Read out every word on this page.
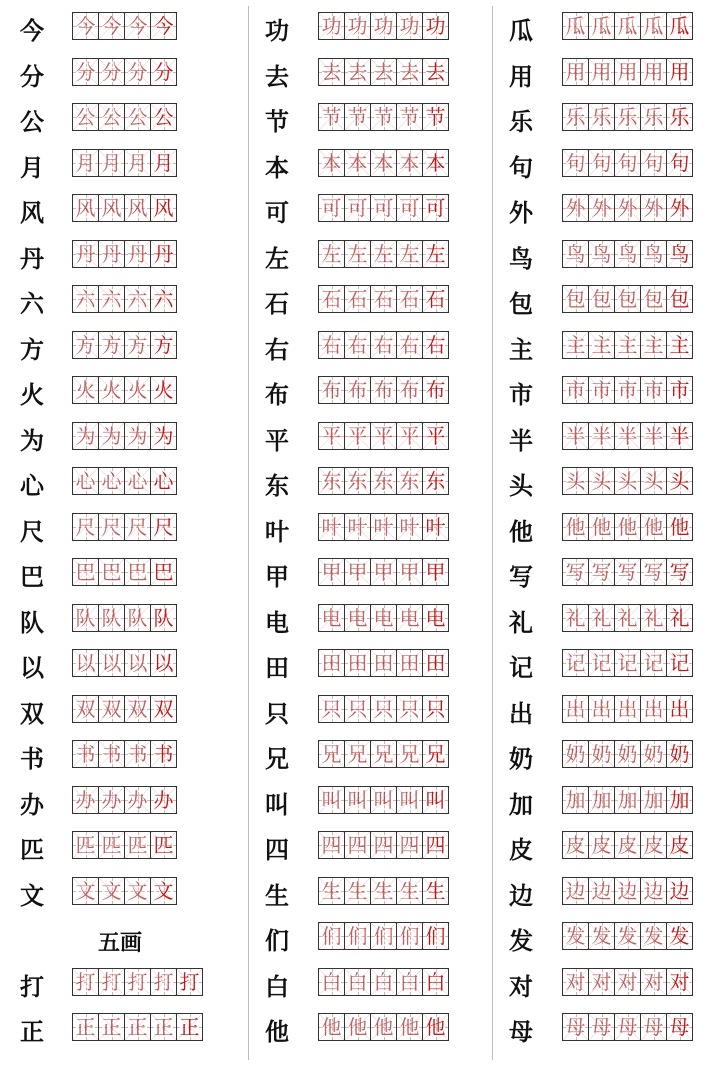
今 今 今 今 今
分 分 分 分 分
公 公 公 公 公
月 月 月 月 月
风 风 风 风 风
丹 丹 丹 丹 丹
六 六 六 六 六
方 方 方 方 方
火 火 火 火 火
为 为 为 为 为
心 心 心 心 心
尺 尺 尺 尺 尺
巴 巴 巴 巴 巴
队 队 队 队 队
以 以 以 以 以
双 双 双 双 双
书 书 书 书 书
办 办 办 办 办
匹 匹 匹 匹 匹
文 文 文 文 文
五画
打 打 打 打 打 打
正 正 正 正 正 正
功 功 功 功 功 功
去 去 去 去 去 去
节 节 节 节 节 节
本 本 本 本 本 本
可 可 可 可 可 可
左 左 左 左 左 左
石 石 石 石 石 石
右 右 右 右 右 右
布 布 布 布 布 布
平 平 平 平 平 平
东 东 东 东 东 东
叶 叶 叶 叶 叶 叶
甲 甲 甲 甲 甲 甲
电 电 电 电 电 电
田 田 田 田 田 田
只 只 只 只 只 只
兄 兄 兄 兄 兄 兄
叫 叫 叫 叫 叫 叫
四 四 四 四 四 四
生 生 生 生 生 生
们 们 们 们 们 们
白 白 白 白 白 白
他 他 他 他 他 他
瓜 瓜 瓜 瓜 瓜 瓜
用 用 用 用 用 用
乐 乐 乐 乐 乐 乐
句 句 句 句 句 句
外 外 外 外 外 外
鸟 鸟 鸟 鸟 鸟 鸟
包 包 包 包 包 包
主 主 主 主 主 主
市 市 市 市 市 市
半 半 半 半 半 半
头 头 头 头 头 头
他 他 他 他 他 他
写 写 写 写 写 写
礼 礼 礼 礼 礼 礼
记 记 记 记 记 记
出 出 出 出 出 出
奶 奶 奶 奶 奶 奶
加 加 加 加 加 加
皮 皮 皮 皮 皮 皮
边 边 边 边 边 边
发 发 发 发 发 发
对 对 对 对 对 对
母 母 母 母 母 母
